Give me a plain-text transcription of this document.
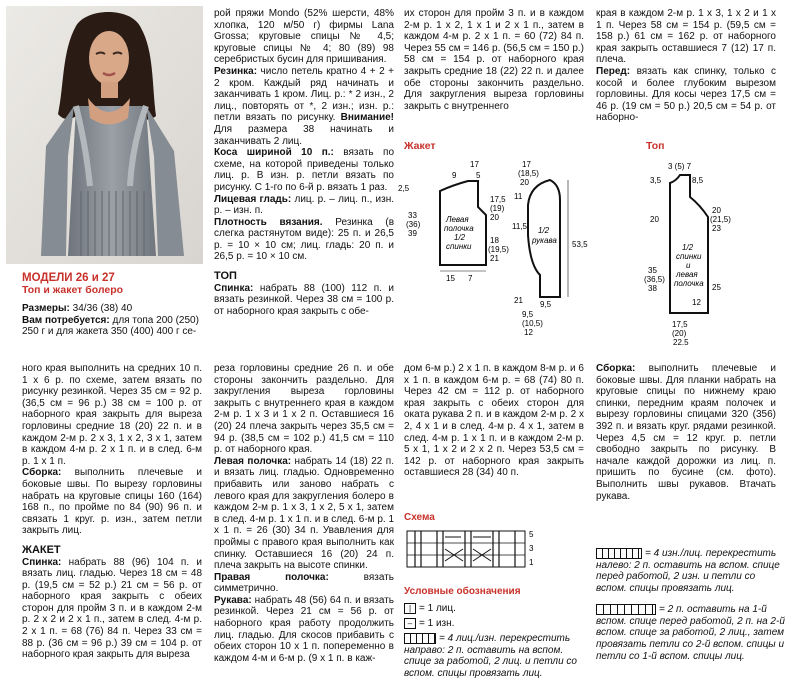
МОДЕЛИ 26 и 27

Топ и жакет болеро

Размеры: 34/36 (38) 40

Вам потребуется: для топа 200 (250) 250 г и для жакета 350 (400) 400 г се-

рой пряжи Mondo (52% шерсти, 48% хлопка, 120 м/50 г) фирмы Lana Grossa; круговые спицы № 4,5; круговые спицы № 4; 80 (89) 98 серебристых бусин для пришивания.

Резинка: число петель кратно 4 + 2 + 2 кром. Каждый ряд начинать и заканчивать 1 кром. Лиц. р.: * 2 изн., 2 лиц., повторять от *, 2 изн.; изн. р.: петли вязать по рисунку. Внимание! Для размера 38 начинать и заканчивать 2 лиц.

Коса шириной 10 п.: вязать по схеме, на которой приведены только лиц. р. В изн. р. петли вязать по рисунку. С 1-го по 6-й р. вязать 1 раз.

Лицевая гладь: лиц. р. – лиц. п., изн. р. – изн. п.

Плотность вязания. Резинка (в слегка растянутом виде): 25 п. и 26,5 р. = 10 × 10 см; лиц. гладь: 20 п. и 26,5 р. = 10 × 10 см.

ТОП

Спинка: набрать 88 (100) 112 п. и вязать резинкой. Через 38 см = 100 р. от наборного края закрыть с обе-

их сторон для пройм 3 п. и в каждом 2-м р. 1 х 2, 1 х 1 и 2 х 1 п., затем в каждом 4-м р. 2 х 1 п. = 60 (72) 84 п. Через 55 см = 146 р. (56,5 см = 150 р.) 58 см = 154 р. от наборного края закрыть средние 18 (22) 22 п. и далее обе стороны закончить раздельно. Для закругления выреза горловины закрыть с внутреннего

края в каждом 2-м р. 1 х 3, 1 х 2 и 1 х 1 п. Через 58 см = 154 р. (59,5 см = 158 р.) 61 см = 162 р. от наборного края закрыть оставшиеся 7 (12) 17 п. плеча.

Перед: вязать как спинку, только с косой и более глубоким вырезом горловины. Для косы через 17,5 см = 46 р. (19 см = 50 р.) 20,5 см = 54 р. от наборно-

Жакет	Топ
Левая полочка 1/2 спинки
9
17
5
2,5
33
(36)
39
17,5
(19)
20
18
(19,5)
21
15 7
1/2 рукава
17
(18,5)
20
11
11,5
53,5
9,5
9,5
(10,5)
12
21
1/2 спинки и левая полочка
3 (5) 7
3,5	8,5
20
20
(21,5)
23
35
(36,5)
38	25
17,5
(20)
22,5
12

ного края выполнить на средних 10 п. 1 х 6 р. по схеме, затем вязать по рисунку резинкой. Через 35 см = 92 р. (36,5 см = 96 р.) 38 см = 100 р. от наборного края закрыть для выреза горловины средние 18 (20) 22 п. и в каждом 2-м р. 2 х 3, 1 х 2, 3 х 1, затем в каждом 4-м р. 2 х 1 п. и в след. 6-м р. 1 х 1 п.

Сборка: выполнить плечевые и боковые швы. По вырезу горловины набрать на круговые спицы 160 (164) 168 п., по пройме по 84 (90) 96 п. и связать 1 круг. р. изн., затем петли закрыть лиц.

ЖАКЕТ

Спинка: набрать 88 (96) 104 п. и вязать лиц. гладью. Через 18 см = 48 р. (19,5 см = 52 р.) 21 см = 56 р. от наборного края закрыть с обеих сторон для пройм 3 п. и в каждом 2-м р. 2 х 2 и 2 х 1 п., затем в след. 4-м р. 2 х 1 п. = 68 (76) 84 п. Через 33 см = 88 р. (36 см = 96 р.) 39 см = 104 р. от наборного края закрыть для выреза

реза горловины средние 26 п. и обе стороны закончить раздельно. Для закругления выреза горловины закрыть с внутреннего края в каждом 2-м р. 1 х 3 и 1 х 2 п. Оставшиеся 16 (20) 24 плеча закрыть через 35,5 см = 94 р. (38,5 см = 102 р.) 41,5 см = 110 р. от наборного края.

Левая полочка: набрать 14 (18) 22 п. и вязать лиц. гладью. Одновременно прибавить или заново набрать с левого края для закругления болеро в каждом 2-м р. 1 х 3, 1 х 2, 5 х 1, затем в след. 4-м р. 1 х 1 п. и в след. 6-м р. 1 х 1 п. = 26 (30) 34 п. Увавления для проймы с правого края выполнить как спинку. Оставшиеся 16 (20) 24 п. плеча закрыть на высоте спинки.

Правая полочка: вязать симметрично.

Рукава: набрать 48 (56) 64 п. и вязать резинкой. Через 21 см = 56 р. от наборного края работу продолжить лиц. гладью. Для скосов прибавить с обеих сторон 10 х 1 п. попеременно в каждом 4-м и 6-м р. (9 х 1 п. в каж-

дом 6-м р.) 2 х 1 п. в каждом 8-м р. и 6 х 1 п. в каждом 6-м р. = 68 (74) 80 п. Через 42 см = 112 р. от наборного края закрыть с обеих сторон для оката рукава 2 п. и в каждом 2-м р. 2 х 2, 4 х 1 и в след. 4-м р. 4 х 1, затем в след. 4-м р. 1 х 1 п. и в каждом 2-м р. 5 х 1, 1 х 2 и 2 х 2 п. Через 53,5 см = 142 р. от наборного края закрыть оставшиеся 28 (34) 40 п.

Схема
5
3
1
Условные обозначения
| = 1 лиц.
– = 1 изн.
= 4 лиц./изн. перекрестить направо: 2 п. оставить на вспом. спице за работой, 2 лиц. и петли со вспом. спицы провязать лиц.

Сборка: выполнить плечевые и боковые швы. Для планки набрать на круговые спицы по нижнему краю спинки, передним краям полочек и вырезу горловины спицами 320 (356) 392 п. и вязать круг. рядами резинкой. Через 4,5 см = 12 круг. р. петли свободно закрыть по рисунку. В начале каждой дорожки из лиц. п. пришить по бусине (см. фото). Выполнить швы рукавов. Втачать рукава.

= 4 изн./лиц. перекрестить налево: 2 п. оставить на вспом. спице перед работой, 2 изн. и петли со вспом. спицы провязать лиц.
= 2 п. оставить на 1-й вспом. спице перед работой, 2 п. на 2-й вспом. спице за работой, 2 лиц., затем провязать петли со 2-й вспом. спицы и петли со 1-й вспом. спицы лиц.
